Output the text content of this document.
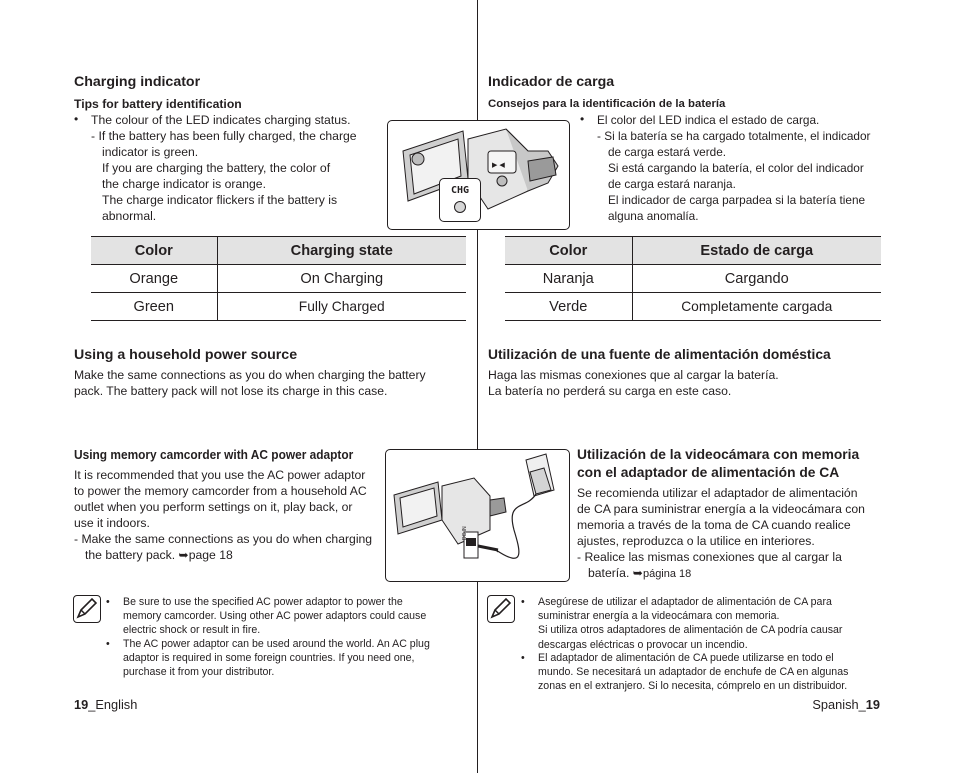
Charging indicator
Tips for battery identification
• The colour of the LED indicates charging status.
- If the battery has been fully charged, the charge
indicator is green.
If you are charging the battery, the color of
the charge indicator is orange.
The charge indicator flickers if the battery is
abnormal.
▶ ◀
CHG
Color	Charging state
Orange	On Charging
Green	Fully Charged
Using a household power source
Make the same connections as you do when charging the battery
pack. The battery pack will not lose its charge in this case.
Using memory camcorder with AC power adaptor
It is recommended that you use the AC power adaptor
to power the memory camcorder from a household AC
outlet when you perform settings on it, play back, or
use it indoors.
- Make the same connections as you do when charging
the battery pack. ➥page 18
DC IN
• Be sure to use the specified AC power adaptor to power the
memory camcorder. Using other AC power adaptors could cause
electric shock or result in fire.
• The AC power adaptor can be used around the world. An AC plug
adaptor is required in some foreign countries. If you need one,
purchase it from your distributor.
19_English
Indicador de carga
Consejos para la identificación de la batería
• El color del LED indica el estado de carga.
- Si la batería se ha cargado totalmente, el indicador
de carga estará verde.
Si está cargando la batería, el color del indicador
de carga estará naranja.
El indicador de carga parpadea si la batería tiene
alguna anomalía.
Color	Estado de carga
Naranja	Cargando
Verde	Completamente cargada
Utilización de una fuente de alimentación doméstica
Haga las mismas conexiones que al cargar la batería.
La batería no perderá su carga en este caso.
Utilización de la videocámara con memoria
con el adaptador de alimentación de CA
Se recomienda utilizar el adaptador de alimentación
de CA para suministrar energía a la videocámara con
memoria a través de la toma de CA cuando realice
ajustes, reproduzca o la utilice en interiores.
- Realice las mismas conexiones que al cargar la
batería. ➥página 18
• Asegúrese de utilizar el adaptador de alimentación de CA para
suministrar energía a la videocámara con memoria.
Si utiliza otros adaptadores de alimentación de CA podría causar
descargas eléctricas o provocar un incendio.
• El adaptador de alimentación de CA puede utilizarse en todo el
mundo. Se necesitará un adaptador de enchufe de CA en algunas
zonas en el extranjero. Si lo necesita, cómprelo en un distribuidor.
Spanish_19
